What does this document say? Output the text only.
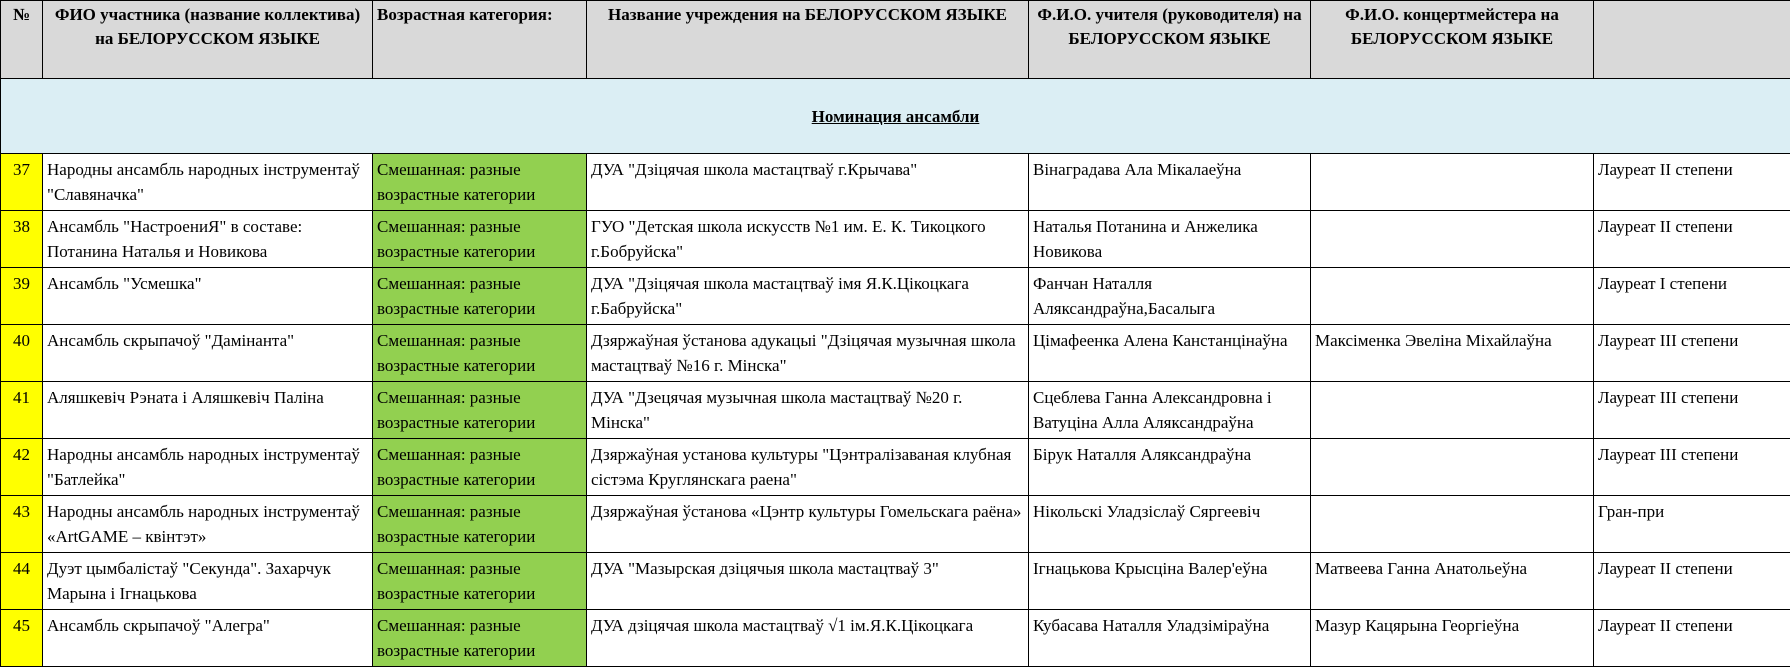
№	ФИО участника (название коллектива) на БЕЛОРУССКОМ ЯЗЫКЕ	Возрастная категория:	Название учреждения на БЕЛОРУССКОМ ЯЗЫКЕ	Ф.И.О. учителя (руководителя) на БЕЛОРУССКОМ ЯЗЫКЕ	Ф.И.О. концертмейстера на БЕЛОРУССКОМ ЯЗЫКЕ	
Номинация ансамбли						
37	Народны ансамбль народных інструментаў "Славяначка"	Смешанная: разные возрастные категории	ДУА "Дзіцячая школа мастацтваў г.Крычава"	Вінаградава Ала Мікалаеўна		Лауреат II степени
38	Ансамбль "НастроениЯ" в составе: Потанина Наталья и Новикова	Смешанная: разные возрастные категории	ГУО "Детская школа искусств №1 им. Е. К. Тикоцкого г.Бобруйска"	Наталья Потанина и Анжелика Новикова		Лауреат II степени
39	Ансамбль "Усмешка"	Смешанная: разные возрастные категории	ДУА "Дзіцячая школа мастацтваў імя Я.К.Цікоцкага г.Бабруйска"	Фанчан Наталля Аляксандраўна,Басалыга		Лауреат I степени
40	Ансамбль скрыпачоў "Дамінанта"	Смешанная: разные возрастные категории	Дзяржаўная ўстанова адукацыі "Дзіцячая музычная школа мастацтваў №16 г. Мінска"	Цімафеенка Алена Канстанцінаўна	Максіменка Эвеліна Міхайлаўна	Лауреат III степени
41	Аляшкевіч Рэната і Аляшкевіч Паліна	Смешанная: разные возрастные категории	ДУА "Дзецячая музычная школа мастацтваў №20 г. Мінска"	Сцеблева Ганна Александровна і Ватуціна Алла Аляксандраўна		Лауреат III степени
42	Народны ансамбль народных інструментаў "Батлейка"	Смешанная: разные возрастные категории	Дзяржаўная установа культуры "Цэнтралізаваная клубная сістэма Круглянскага раена"	Бірук Наталля Аляксандраўна		Лауреат III степени
43	Народны ансамбль народных інструментаў «ArtGAME – квінтэт»	Смешанная: разные возрастные категории	Дзяржаўная ўстанова «Цэнтр культуры Гомельскага раёна»	Нікольскі Уладзіслаў Сяргеевіч		Гран-при
44	Дуэт цымбалістаў "Секунда". Захарчук Марына і Ігнацькова	Смешанная: разные возрастные категории	ДУА "Мазырская дзіцячыя школа мастацтваў 3"	Ігнацькова Крысціна Валер'еўна	Матвеева Ганна Анатольеўна	Лауреат II степени
45	Ансамбль скрыпачоў "Алегра"	Смешанная: разные возрастные категории	ДУА дзіцячая школа мастацтваў √1 ім.Я.К.Цікоцкага	Кубасава Наталля Уладзіміраўна	Мазур Кацярына Георгіеўна	Лауреат II степени
